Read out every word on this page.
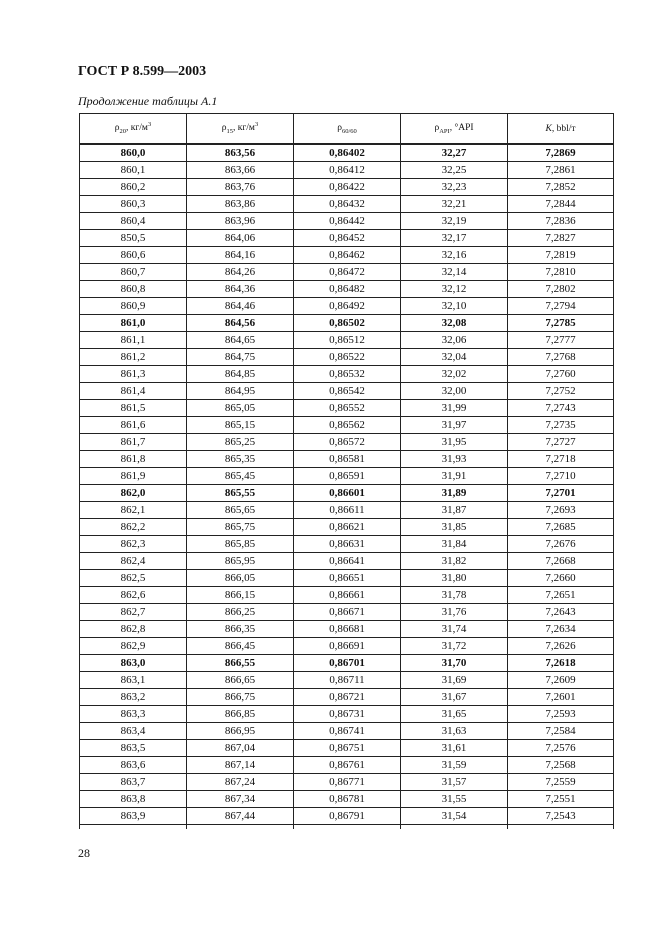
ГОСТ Р 8.599—2003
Продолжение таблицы А.1
$\rho_{20}$, $кг/м^3$	$\rho_{15}$, $кг/м^3$	$\rho_{60/60}$	$\rho_{API}$, °API	K, bbl/т
860,0	863,56	0,86402	32,27	7,2869
860,1	863,66	0,86412	32,25	7,2861
860,2	863,76	0,86422	32,23	7,2852
860,3	863,86	0,86432	32,21	7,2844
860,4	863,96	0,86442	32,19	7,2836
850,5	864,06	0,86452	32,17	7,2827
860,6	864,16	0,86462	32,16	7,2819
860,7	864,26	0,86472	32,14	7,2810
860,8	864,36	0,86482	32,12	7,2802
860,9	864,46	0,86492	32,10	7,2794
861,0	864,56	0,86502	32,08	7,2785
861,1	864,65	0,86512	32,06	7,2777
861,2	864,75	0,86522	32,04	7,2768
861,3	864,85	0,86532	32,02	7,2760
861,4	864,95	0,86542	32,00	7,2752
861,5	865,05	0,86552	31,99	7,2743
861,6	865,15	0,86562	31,97	7,2735
861,7	865,25	0,86572	31,95	7,2727
861,8	865,35	0,86581	31,93	7,2718
861,9	865,45	0,86591	31,91	7,2710
862,0	865,55	0,86601	31,89	7,2701
862,1	865,65	0,86611	31,87	7,2693
862,2	865,75	0,86621	31,85	7,2685
862,3	865,85	0,86631	31,84	7,2676
862,4	865,95	0,86641	31,82	7,2668
862,5	866,05	0,86651	31,80	7,2660
862,6	866,15	0,86661	31,78	7,2651
862,7	866,25	0,86671	31,76	7,2643
862,8	866,35	0,86681	31,74	7,2634
862,9	866,45	0,86691	31,72	7,2626
863,0	866,55	0,86701	31,70	7,2618
863,1	866,65	0,86711	31,69	7,2609
863,2	866,75	0,86721	31,67	7,2601
863,3	866,85	0,86731	31,65	7,2593
863,4	866,95	0,86741	31,63	7,2584
863,5	867,04	0,86751	31,61	7,2576
863,6	867,14	0,86761	31,59	7,2568
863,7	867,24	0,86771	31,57	7,2559
863,8	867,34	0,86781	31,55	7,2551
863,9	867,44	0,86791	31,54	7,2543

28
